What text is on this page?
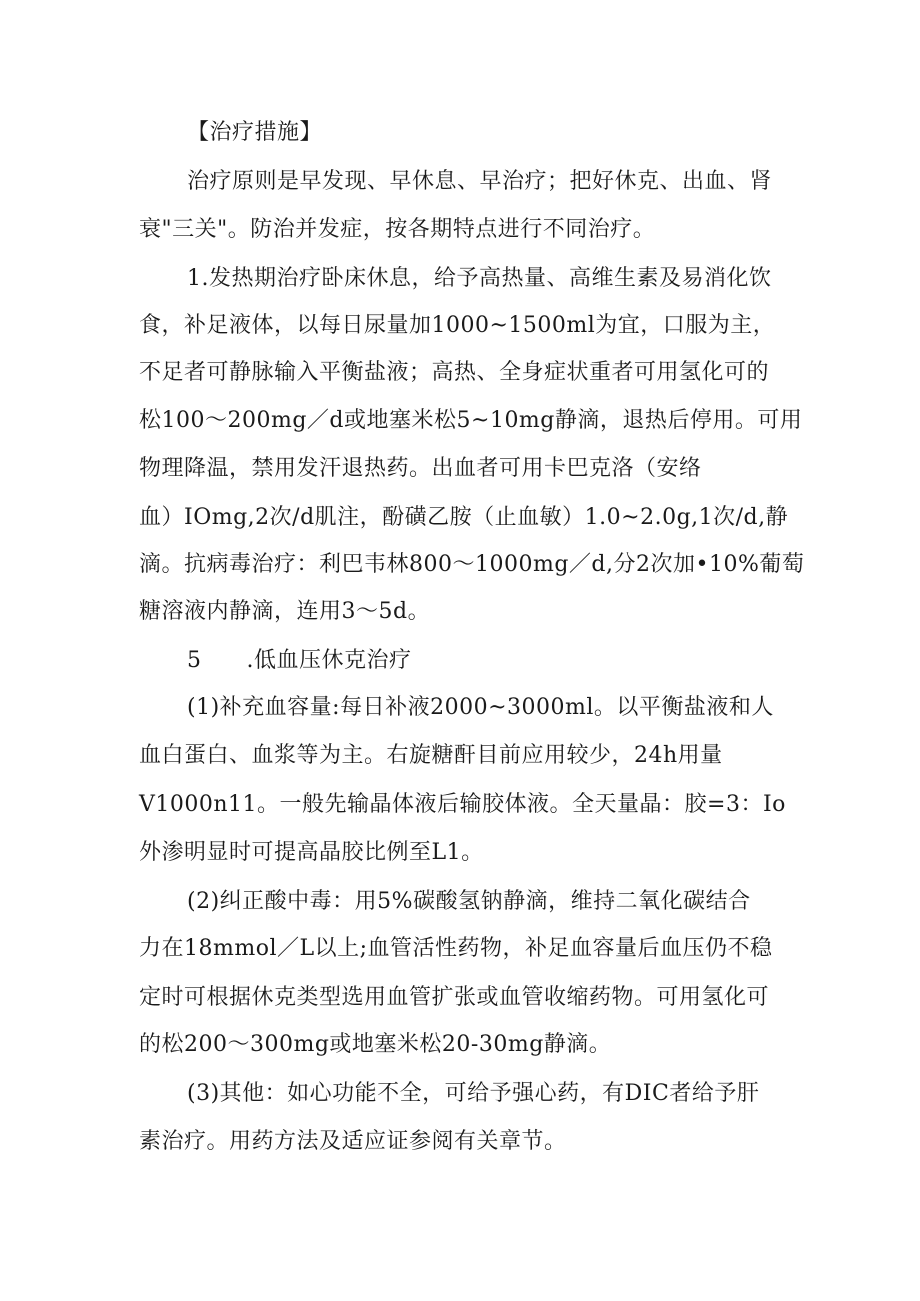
【治疗措施】
治疗原则是早发现、早休息、早治疗；把好休克、出血、肾
衰"三关"。防治并发症，按各期特点进行不同治疗。
1.发热期治疗卧床休息，给予高热量、高维生素及易消化饮
食，补足液体，以每日尿量加1000~1500ml为宜，口服为主，
不足者可静脉输入平衡盐液；高热、全身症状重者可用氢化可的
松100～200mg／d或地塞米松5~10mg静滴，退热后停用。可用
物理降温，禁用发汗退热药。出血者可用卡巴克洛（安络
血）IOmg,2次/d肌注，酚磺乙胺（止血敏）1.0~2.0g,1次/d,静
滴。抗病毒治疗：利巴韦林800～1000mg／d,分2次加•10%葡萄
糖溶液内静滴，连用3～5d。
5　　.低血压休克治疗
(1)补充血容量:每日补液2000~3000ml。以平衡盐液和人
血白蛋白、血浆等为主。右旋糖酐目前应用较少，24h用量
V1000n11。一般先输晶体液后输胶体液。全天量晶：胶=3：Io
外渗明显时可提高晶胶比例至L1。
(2)纠正酸中毒：用5%碳酸氢钠静滴，维持二氧化碳结合
力在18mmol／L以上;血管活性药物，补足血容量后血压仍不稳
定时可根据休克类型选用血管扩张或血管收缩药物。可用氢化可
的松200～300mg或地塞米松20-30mg静滴。
(3)其他：如心功能不全，可给予强心药，有DIC者给予肝
素治疗。用药方法及适应证参阅有关章节。
